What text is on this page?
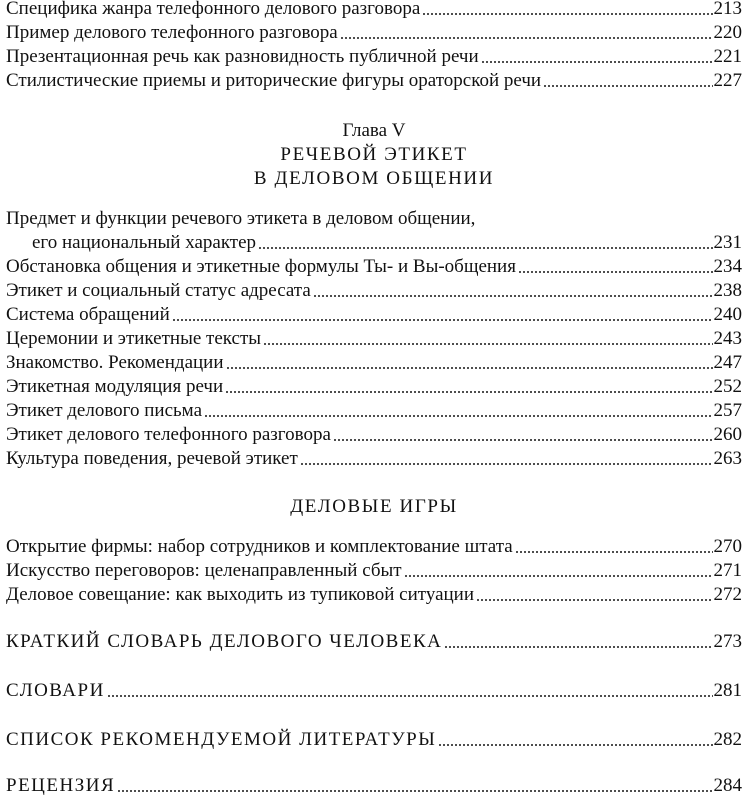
Специфика жанра телефонного делового разговора	213
Пример делового телефонного разговора	220
Презентационная речь как разновидность публичной речи	221
Стилистические приемы и риторические фигуры ораторской речи	227
Глава V
РЕЧЕВОЙ ЭТИКЕТ
В ДЕЛОВОМ ОБЩЕНИИ
Предмет и функции речевого этикета в деловом общении,
его национальный характер	231
Обстановка общения и этикетные формулы Ты- и Вы-общения	234
Этикет и социальный статус адресата	238
Система обращений	240
Церемонии и этикетные тексты	243
Знакомство. Рекомендации	247
Этикетная модуляция речи	252
Этикет делового письма	257
Этикет делового телефонного разговора	260
Культура поведения, речевой этикет	263
ДЕЛОВЫЕ ИГРЫ
Открытие фирмы: набор сотрудников и комплектование штата	270
Искусство переговоров: целенаправленный сбыт	271
Деловое совещание: как выходить из тупиковой ситуации	272
КРАТКИЙ СЛОВАРЬ ДЕЛОВОГО ЧЕЛОВЕКА	273
СЛОВАРИ	281
СПИСОК РЕКОМЕНДУЕМОЙ ЛИТЕРАТУРЫ	282
РЕЦЕНЗИЯ	284
